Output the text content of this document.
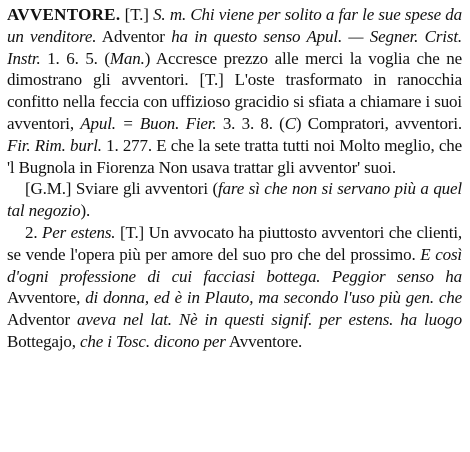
AVVENTORE. [T.] S. m. Chi viene per solito a far le sue spese da un venditore. Adventor ha in questo senso Apul. — Segner. Crist. Instr. 1. 6. 5. (Man.) Accresce prezzo alle merci la voglia che ne dimostrano gli avventori. [T.] L'oste trasformato in ranocchia confitto nella feccia con uffizioso gracidio si sfiata a chiamare i suoi avventori, Apul. = Buon. Fier. 3. 3. 8. (C) Compratori, avventori. Fir. Rim. burl. 1. 277. E che la sete tratta tutti noi Molto meglio, che 'l Bugnola in Fiorenza Non usava trattar gli avventor' suoi.

[G.M.] Sviare gli avventori (fare sì che non si servano più a quel tal negozio).

2. Per estens. [T.] Un avvocato ha piuttosto avventori che clienti, se vende l'opera più per amore del suo pro che del prossimo. E così d'ogni professione di cui facciasi bottega. Peggior senso ha Avventore, di donna, ed è in Plauto, ma secondo l'uso più gen. che Adventor aveva nel lat. Nè in questi signif. per estens. ha luogo Bottegajo, che i Tosc. dicono per Avventore.
